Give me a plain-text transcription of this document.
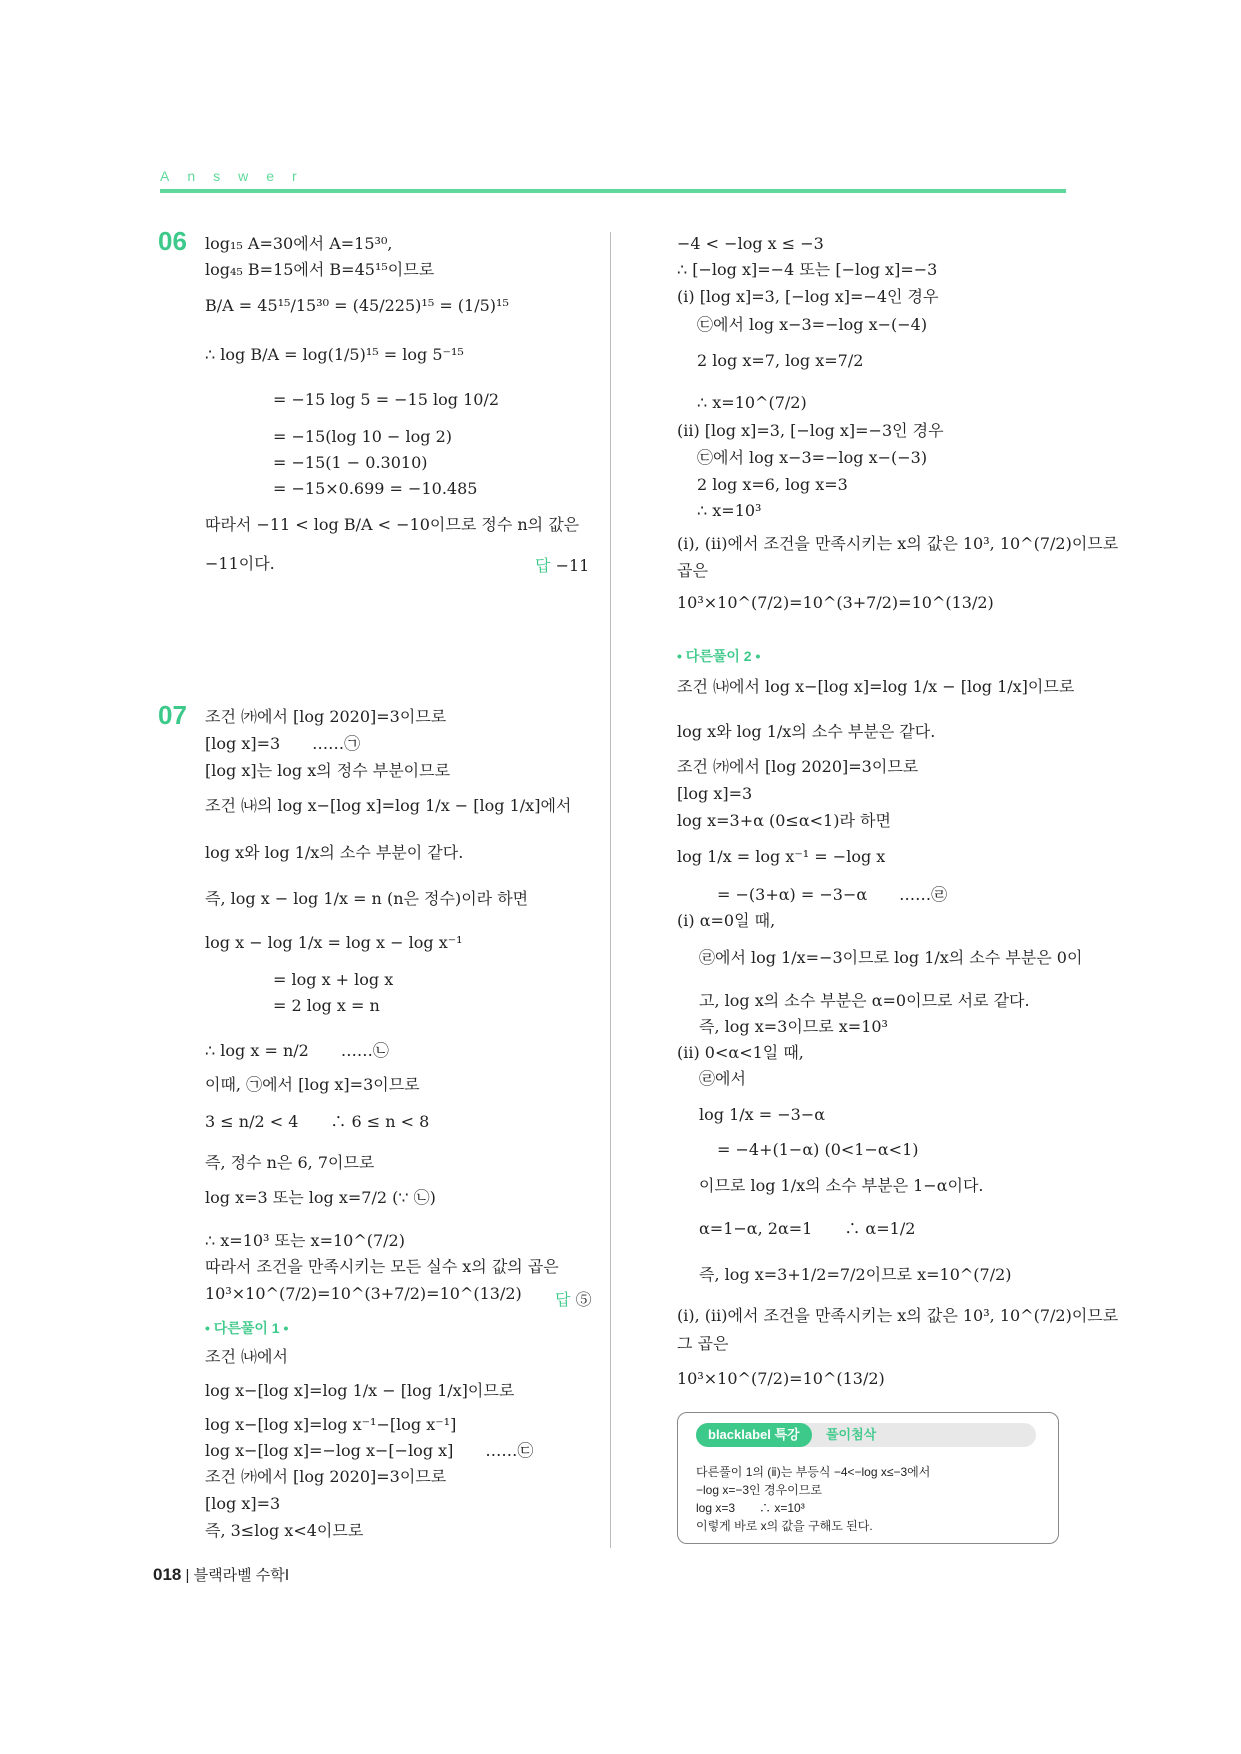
Answer
06 log₁₅ A=30에서 A=15³⁰,
log₄₅ B=15에서 B=45¹⁵이므로
B/A = 45¹⁵/15³⁰ = (45/225)¹⁵ = (1/5)¹⁵
∴ log B/A = log(1/5)¹⁵ = log 5⁻¹⁵
= −15 log 5 = −15 log 10/2
= −15(log 10 − log 2)
= −15(1 − 0.3010)
= −15×0.699 = −10.485
따라서 −11 < log B/A < −10이므로 정수 n의 값은
−11이다.	답 −11
07 조건 ㈎에서 [log 2020]=3이므로
[log x]=3　　……㉠
[log x]는 log x의 정수 부분이므로
조건 ㈏의 log x−[log x]=log 1/x − [log 1/x]에서
log x와 log 1/x의 소수 부분이 같다.
즉, log x − log 1/x = n (n은 정수)이라 하면
log x − log 1/x = log x − log x⁻¹
= log x + log x
= 2 log x = n
∴ log x = n/2　　……㉡
이때, ㉠에서 [log x]=3이므로
3 ≤ n/2 < 4　　∴ 6 ≤ n < 8
즉, 정수 n은 6, 7이므로
log x=3 또는 log x=7/2 (∵ ㉡)
∴ x=10³ 또는 x=10^(7/2)
따라서 조건을 만족시키는 모든 실수 x의 값의 곱은
10³×10^(7/2)=10^(3+7/2)=10^(13/2) 답 ⑤
• 다른풀이 1 •
조건 ㈏에서
log x−[log x]=log 1/x − [log 1/x]이므로
log x−[log x]=log x⁻¹−[log x⁻¹]
log x−[log x]=−log x−[−log x]　　……㉢
조건 ㈎에서 [log 2020]=3이므로
[log x]=3
즉, 3≤log x<4이므로
−4 < −log x ≤ −3
∴ [−log x]=−4 또는 [−log x]=−3
(ⅰ) [log x]=3, [−log x]=−4인 경우
㉢에서 log x−3=−log x−(−4)
2 log x=7, log x=7/2
∴ x=10^(7/2)
(ⅱ) [log x]=3, [−log x]=−3인 경우
㉢에서 log x−3=−log x−(−3)
2 log x=6, log x=3
∴ x=10³
(ⅰ), (ⅱ)에서 조건을 만족시키는 x의 값은 10³, 10^(7/2)이므로
곱은
10³×10^(7/2)=10^(3+7/2)=10^(13/2)
• 다른풀이 2 •
조건 ㈏에서 log x−[log x]=log 1/x − [log 1/x]이므로
log x와 log 1/x의 소수 부분은 같다.
조건 ㈎에서 [log 2020]=3이므로
[log x]=3
log x=3+α (0≤α<1)라 하면
log 1/x = log x⁻¹ = −log x
= −(3+α) = −3−α　　……㉣
(ⅰ) α=0일 때,
㉣에서 log 1/x=−3이므로 log 1/x의 소수 부분은 0이
고, log x의 소수 부분은 α=0이므로 서로 같다.
즉, log x=3이므로 x=10³
(ⅱ) 0<α<1일 때,
㉣에서
log 1/x = −3−α
= −4+(1−α) (0<1−α<1)
이므로 log 1/x의 소수 부분은 1−α이다.
α=1−α, 2α=1　　∴ α=1/2
즉, log x=3+1/2=7/2이므로 x=10^(7/2)
(ⅰ), (ⅱ)에서 조건을 만족시키는 x의 값은 10³, 10^(7/2)이므로
그 곱은
10³×10^(7/2)=10^(13/2)
blacklabel 특강	풀이첨삭
다른풀이 1의 (ⅱ)는 부등식 −4<−log x≤−3에서
−log x=−3인 경우이므로
log x=3　　∴ x=10³
이렇게 바로 x의 값을 구해도 된다.
018 | 블랙라벨 수학Ⅰ
